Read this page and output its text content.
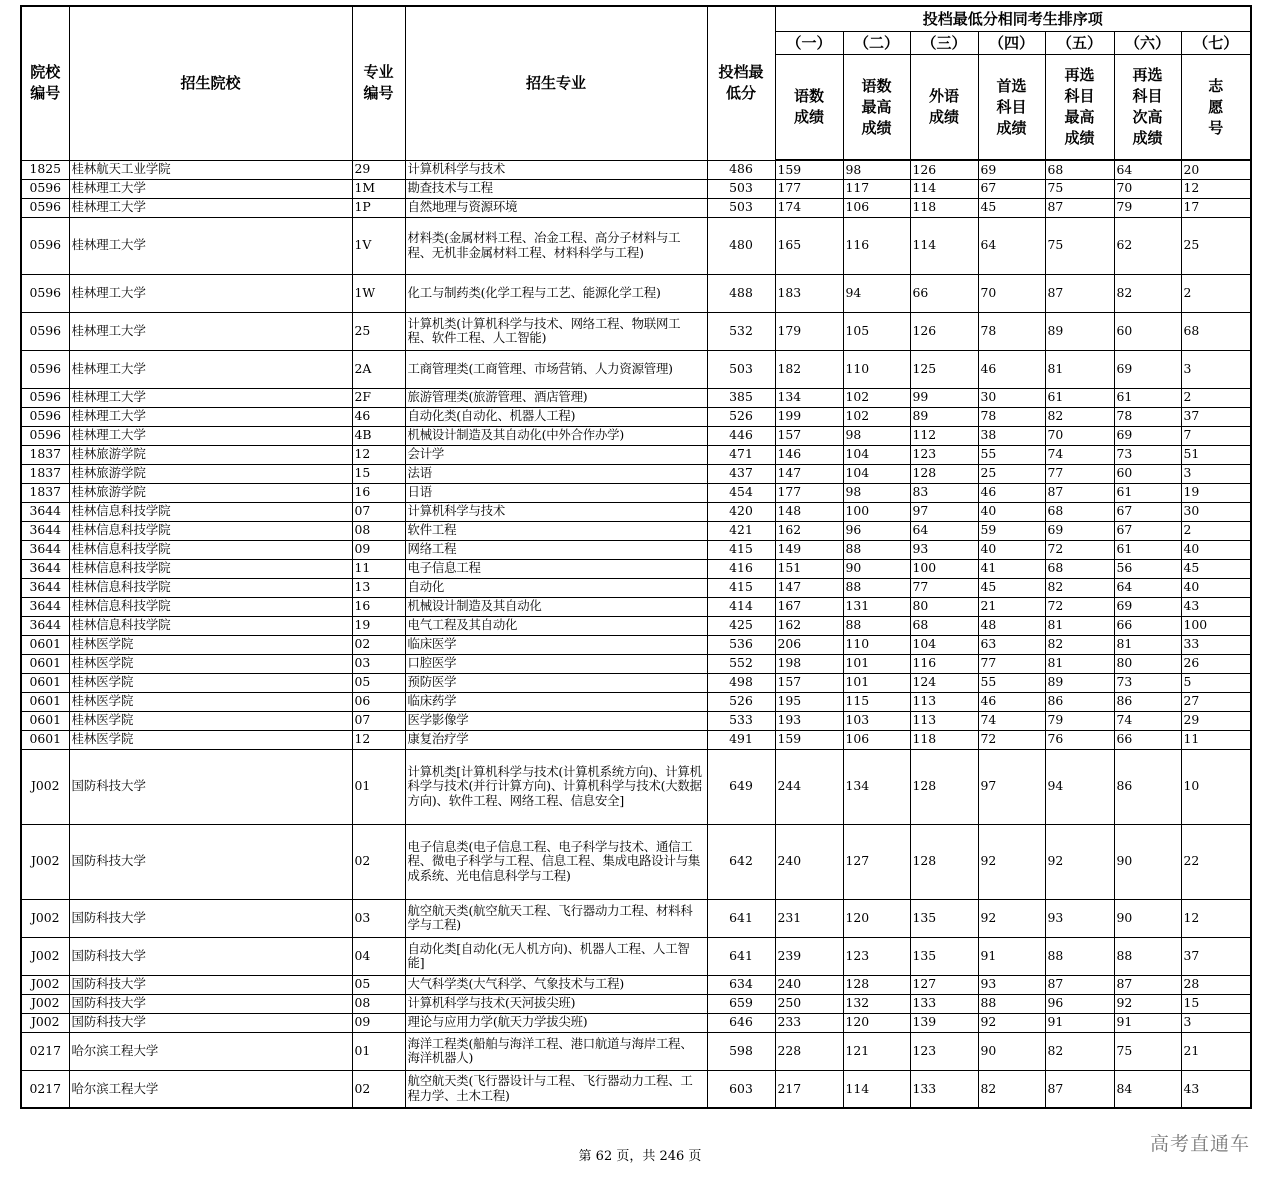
院校编号	招生院校	专业编号	招生专业	投档最低分	投档最低分相同考生排序项						
					（一）	（二）	（三）	（四）	（五）	（六）	（七）
					语数成绩	语数最高成绩	外语成绩	首选科目成绩	再选科目最高成绩	再选科目次高成绩	志愿号
1825	桂林航天工业学院	29	计算机科学与技术	486	159	98	126	69	68	64	20
0596	桂林理工大学	1M	勘查技术与工程	503	177	117	114	67	75	70	12
0596	桂林理工大学	1P	自然地理与资源环境	503	174	106	118	45	87	79	17
0596	桂林理工大学	1V	材料类(金属材料工程、冶金工程、高分子材料与工程、无机非金属材料工程、材料科学与工程)	480	165	116	114	64	75	62	25
0596	桂林理工大学	1W	化工与制药类(化学工程与工艺、能源化学工程)	488	183	94	66	70	87	82	2
0596	桂林理工大学	25	计算机类(计算机科学与技术、网络工程、物联网工程、软件工程、人工智能)	532	179	105	126	78	89	60	68
0596	桂林理工大学	2A	工商管理类(工商管理、市场营销、人力资源管理)	503	182	110	125	46	81	69	3
0596	桂林理工大学	2F	旅游管理类(旅游管理、酒店管理)	385	134	102	99	30	61	61	2
0596	桂林理工大学	46	自动化类(自动化、机器人工程)	526	199	102	89	78	82	78	37
0596	桂林理工大学	4B	机械设计制造及其自动化(中外合作办学)	446	157	98	112	38	70	69	7
1837	桂林旅游学院	12	会计学	471	146	104	123	55	74	73	51
1837	桂林旅游学院	15	法语	437	147	104	128	25	77	60	3
1837	桂林旅游学院	16	日语	454	177	98	83	46	87	61	19
3644	桂林信息科技学院	07	计算机科学与技术	420	148	100	97	40	68	67	30
3644	桂林信息科技学院	08	软件工程	421	162	96	64	59	69	67	2
3644	桂林信息科技学院	09	网络工程	415	149	88	93	40	72	61	40
3644	桂林信息科技学院	11	电子信息工程	416	151	90	100	41	68	56	45
3644	桂林信息科技学院	13	自动化	415	147	88	77	45	82	64	40
3644	桂林信息科技学院	16	机械设计制造及其自动化	414	167	131	80	21	72	69	43
3644	桂林信息科技学院	19	电气工程及其自动化	425	162	88	68	48	81	66	100
0601	桂林医学院	02	临床医学	536	206	110	104	63	82	81	33
0601	桂林医学院	03	口腔医学	552	198	101	116	77	81	80	26
0601	桂林医学院	05	预防医学	498	157	101	124	55	89	73	5
0601	桂林医学院	06	临床药学	526	195	115	113	46	86	86	27
0601	桂林医学院	07	医学影像学	533	193	103	113	74	79	74	29
0601	桂林医学院	12	康复治疗学	491	159	106	118	72	76	66	11
J002	国防科技大学	01	计算机类[计算机科学与技术(计算机系统方向)、计算机科学与技术(并行计算方向)、计算机科学与技术(大数据方向)、软件工程、网络工程、信息安全]	649	244	134	128	97	94	86	10
J002	国防科技大学	02	电子信息类(电子信息工程、电子科学与技术、通信工程、微电子科学与工程、信息工程、集成电路设计与集成系统、光电信息科学与工程)	642	240	127	128	92	92	90	22
J002	国防科技大学	03	航空航天类(航空航天工程、飞行器动力工程、材料科学与工程)	641	231	120	135	92	93	90	12
J002	国防科技大学	04	自动化类[自动化(无人机方向)、机器人工程、人工智能]	641	239	123	135	91	88	88	37
J002	国防科技大学	05	大气科学类(大气科学、气象技术与工程)	634	240	128	127	93	87	87	28
J002	国防科技大学	08	计算机科学与技术(天河拔尖班)	659	250	132	133	88	96	92	15
J002	国防科技大学	09	理论与应用力学(航天力学拔尖班)	646	233	120	139	92	91	91	3
0217	哈尔滨工程大学	01	海洋工程类(船舶与海洋工程、港口航道与海岸工程、海洋机器人)	598	228	121	123	90	82	75	21
0217	哈尔滨工程大学	02	航空航天类(飞行器设计与工程、飞行器动力工程、工程力学、土木工程)	603	217	114	133	82	87	84	43
第 62 页，共 246 页
高考直通车
